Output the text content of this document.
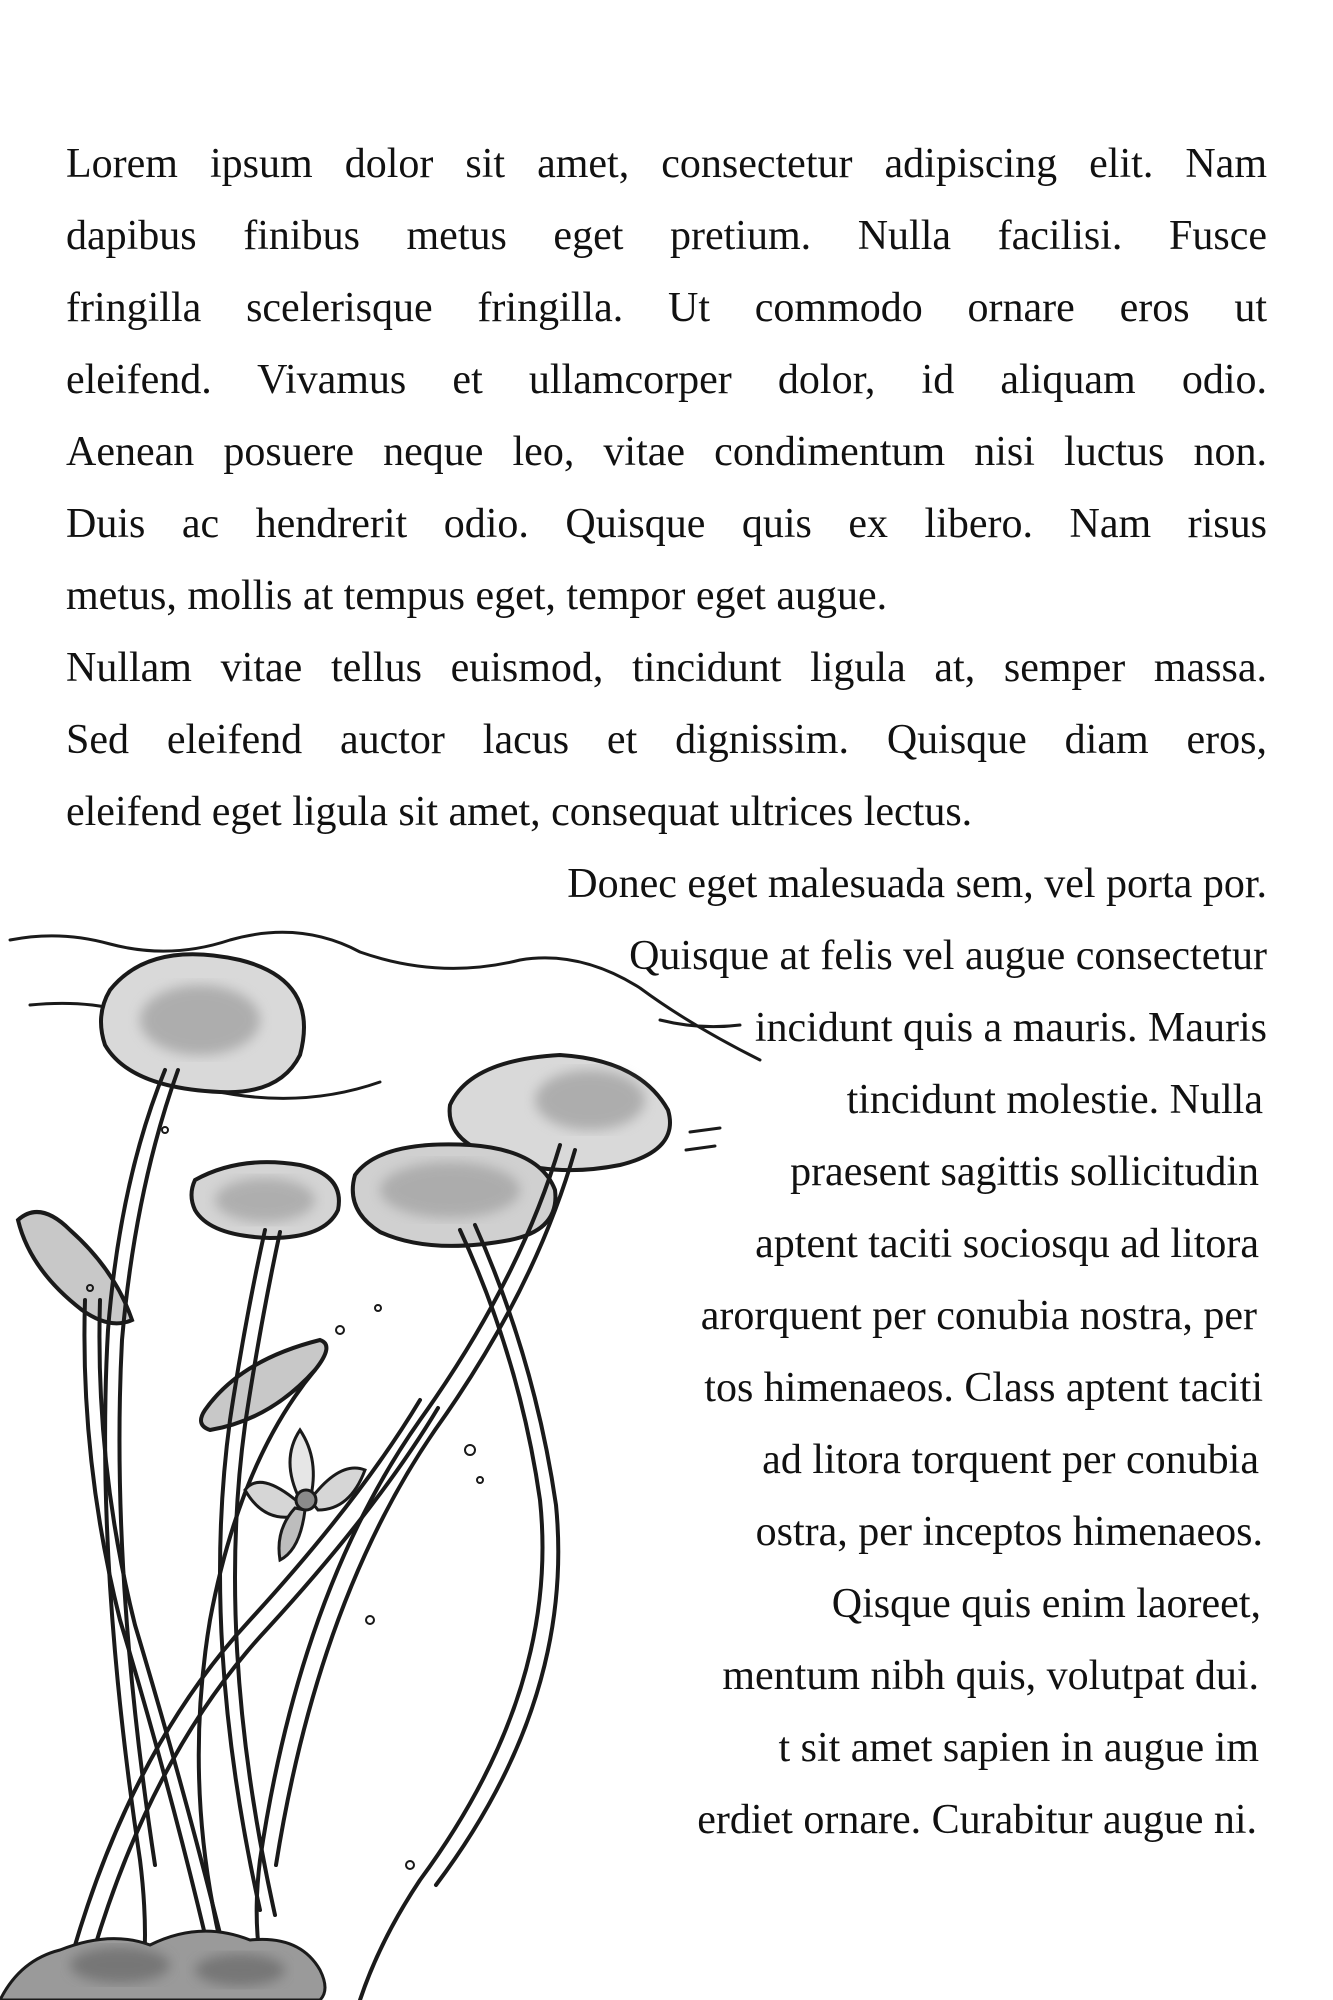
Lorem ipsum dolor sit amet, consectetur adipiscing elit. Nam
dapibus finibus metus eget pretium. Nulla facilisi. Fusce
fringilla scelerisque fringilla. Ut commodo ornare eros ut
eleifend. Vivamus et ullamcorper dolor, id aliquam odio.
Aenean posuere neque leo, vitae condimentum nisi luctus non.
Duis ac hendrerit odio. Quisque quis ex libero. Nam risus
metus, mollis at tempus eget, tempor eget augue.
Nullam vitae tellus euismod, tincidunt ligula at, semper massa.
Sed eleifend auctor lacus et dignissim. Quisque diam eros,
eleifend eget ligula sit amet, consequat ultrices lectus.
Donec eget malesuada sem, vel porta por.
Quisque at felis vel augue consectetur
incidunt quis a mauris. Mauris
tincidunt molestie. Nulla
praesent sagittis sollicitudin
aptent taciti sociosqu ad litora
arorquent per conubia nostra, per
tos himenaeos. Class aptent taciti
ad litora torquent per conubia
ostra, per inceptos himenaeos.
Qisque quis enim laoreet,
mentum nibh quis, volutpat dui.
t sit amet sapien in augue im
erdiet ornare. Curabitur augue ni.
